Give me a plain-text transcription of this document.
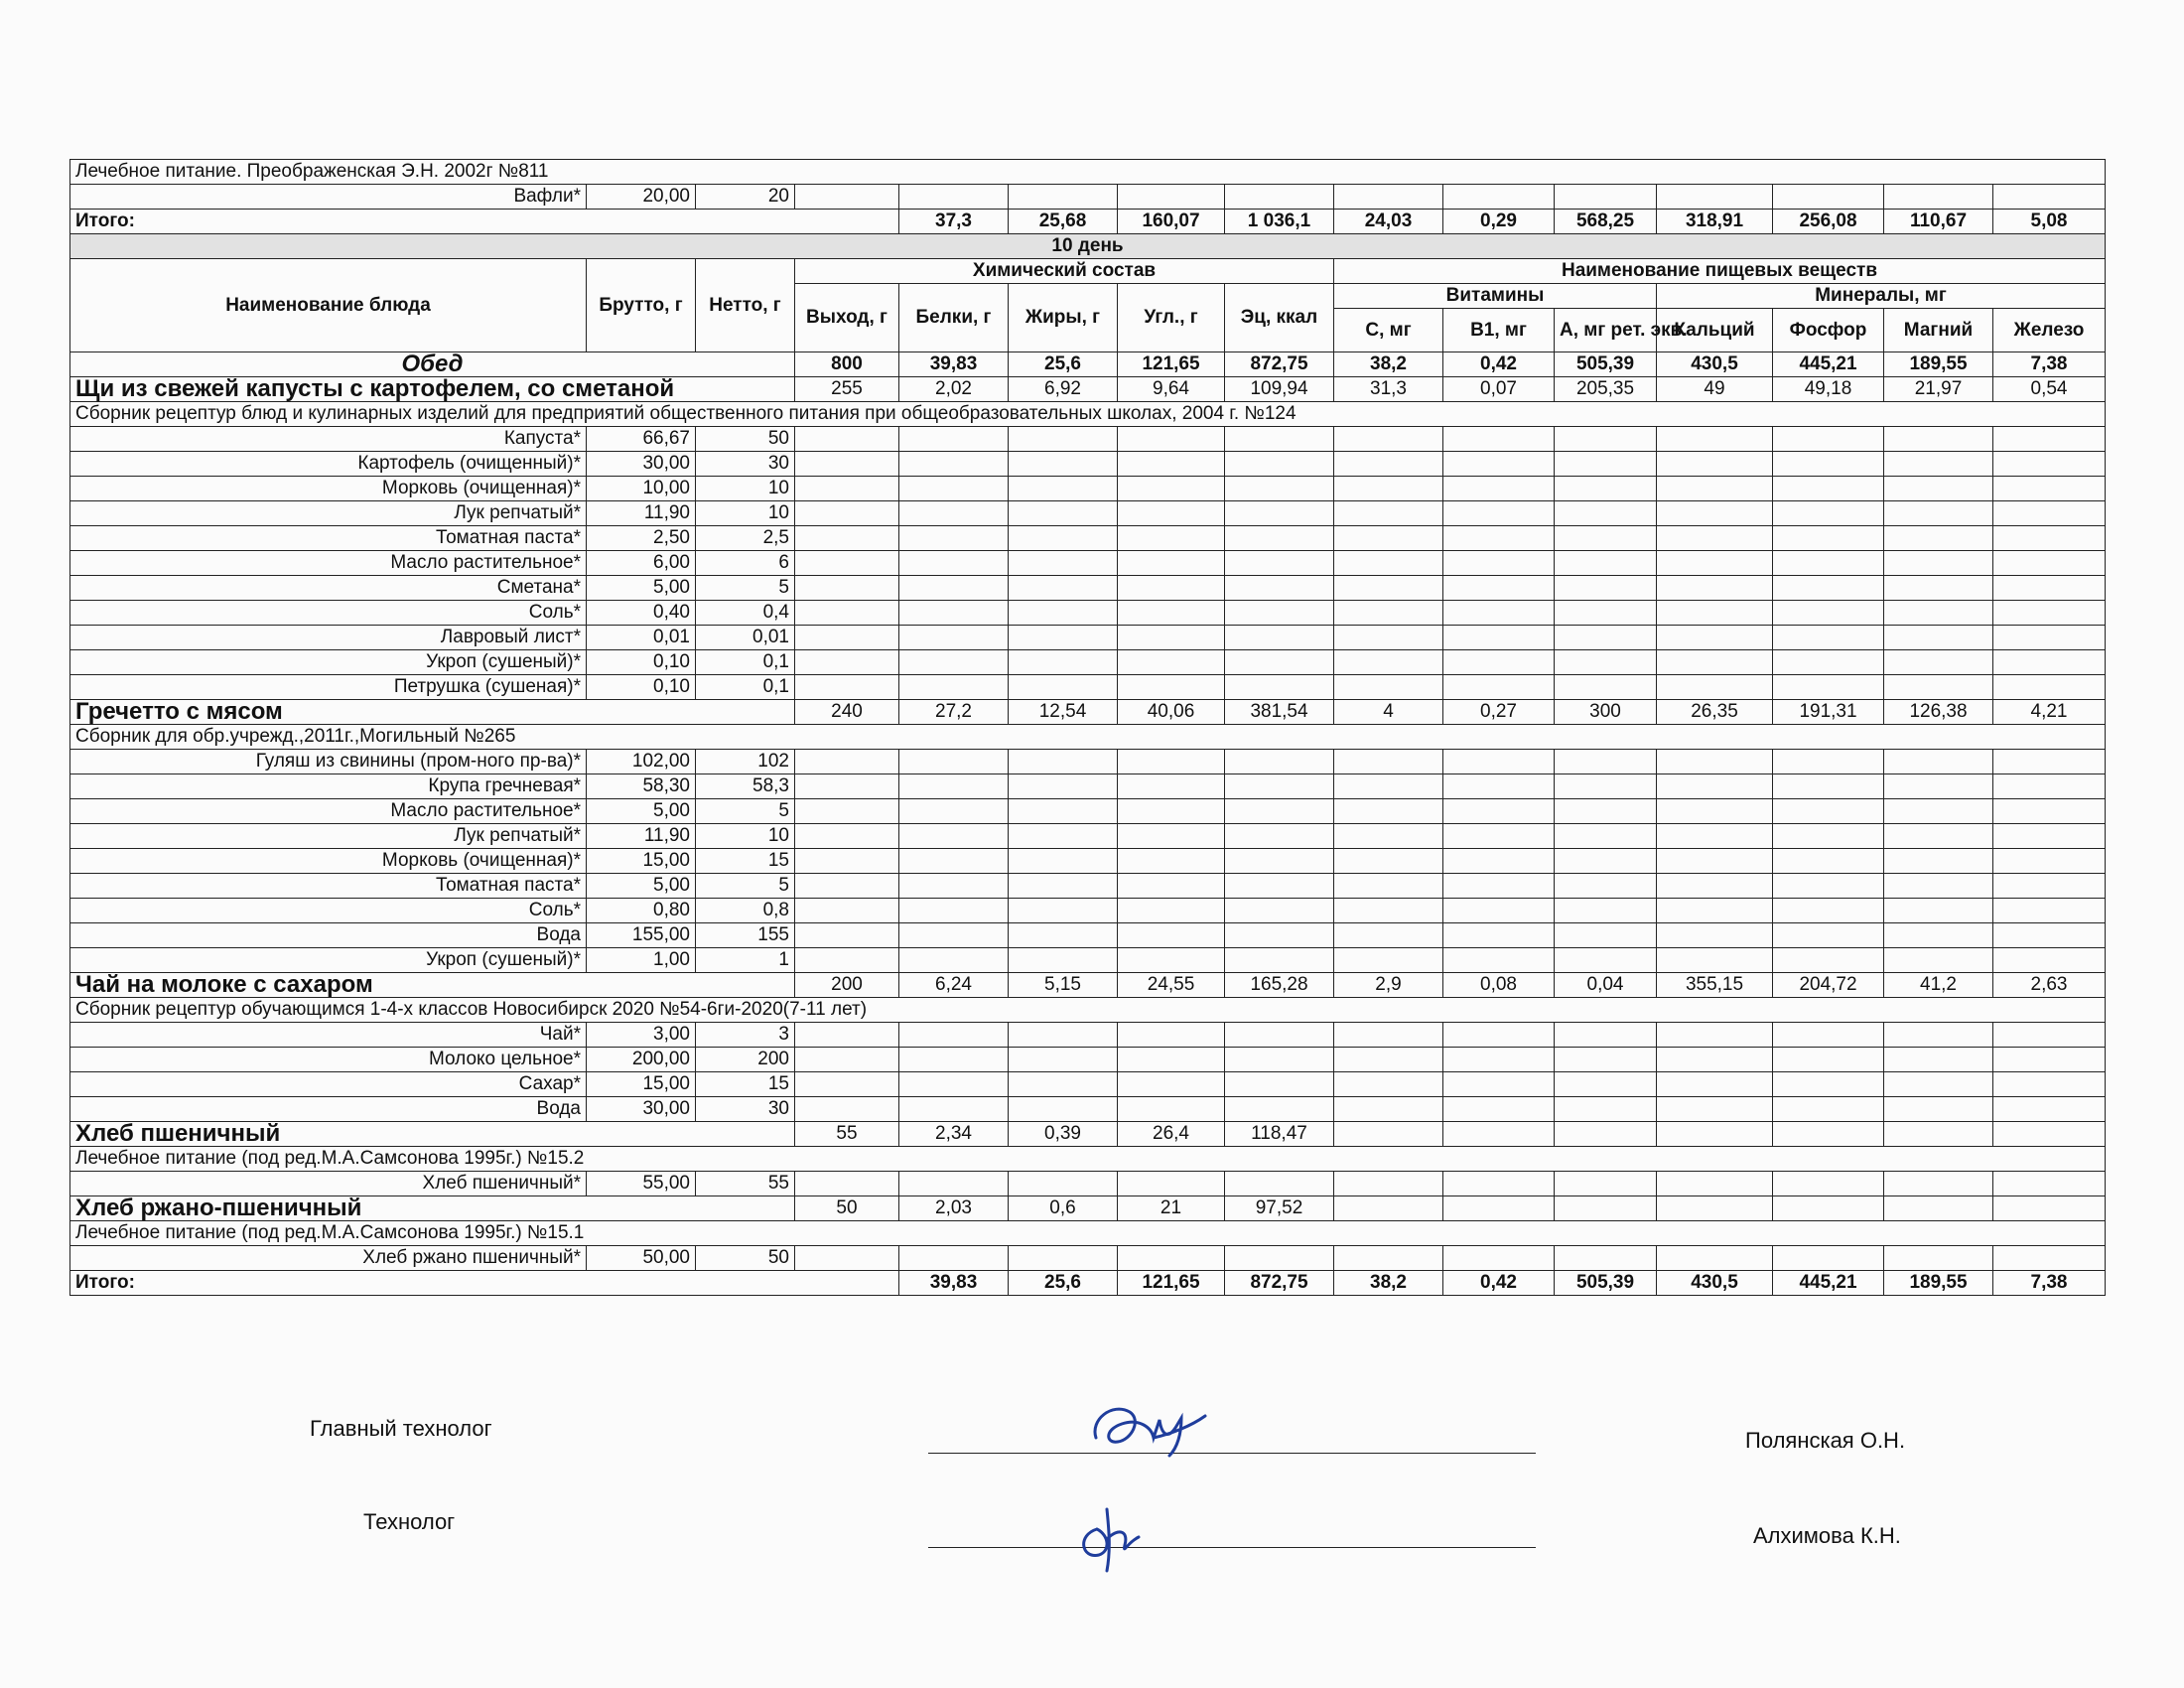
Лечебное питание. Преображенская Э.Н. 2002г №811														
Вафли*	20,00	20												
Итого:				37,3	25,68	160,07	1 036,1	24,03	0,29	568,25	318,91	256,08	110,67	5,08
10 день														
Наименование блюда	Брутто, г	Нетто, г	Химический состав					Наименование пищевых веществ						
			Выход, г	Белки, г	Жиры, г	Угл., г	Эц, ккал	Витамины			Минералы, мг			
								С, мг	В1, мг	А, мг рет. экв.	Кальций	Фосфор	Магний	Железо
Обед			800	39,83	25,6	121,65	872,75	38,2	0,42	505,39	430,5	445,21	189,55	7,38
Щи из свежей капусты с картофелем, со сметаной			255	2,02	6,92	9,64	109,94	31,3	0,07	205,35	49	49,18	21,97	0,54
Сборник рецептур блюд и кулинарных изделий для предприятий общественного питания при общеобразовательных школах, 2004 г. №124														
Капуста*	66,67	50												
Картофель (очищенный)*	30,00	30												
Морковь (очищенная)*	10,00	10												
Лук репчатый*	11,90	10												
Томатная паста*	2,50	2,5												
Масло растительное*	6,00	6												
Сметана*	5,00	5												
Соль*	0,40	0,4												
Лавровый лист*	0,01	0,01												
Укроп (сушеный)*	0,10	0,1												
Петрушка (сушеная)*	0,10	0,1												
Гречетто с мясом			240	27,2	12,54	40,06	381,54	4	0,27	300	26,35	191,31	126,38	4,21
Сборник для обр.учрежд.,2011г.,Могильный №265														
Гуляш из свинины (пром-ного пр-ва)*	102,00	102												
Крупа гречневая*	58,30	58,3												
Масло растительное*	5,00	5												
Лук репчатый*	11,90	10												
Морковь (очищенная)*	15,00	15												
Томатная паста*	5,00	5												
Соль*	0,80	0,8												
Вода	155,00	155												
Укроп (сушеный)*	1,00	1												
Чай на молоке с сахаром			200	6,24	5,15	24,55	165,28	2,9	0,08	0,04	355,15	204,72	41,2	2,63
Сборник рецептур обучающимся 1-4-х классов Новосибирск 2020 №54-6ги-2020(7-11 лет)														
Чай*	3,00	3												
Молоко цельное*	200,00	200												
Сахар*	15,00	15												
Вода	30,00	30												
Хлеб пшеничный			55	2,34	0,39	26,4	118,47							
Лечебное питание (под ред.М.А.Самсонова 1995г.) №15.2														
Хлеб пшеничный*	55,00	55												
Хлеб ржано-пшеничный			50	2,03	0,6	21	97,52							
Лечебное питание (под ред.М.А.Самсонова 1995г.) №15.1														
Хлеб ржано пшеничный*	50,00	50												
Итого:				39,83	25,6	121,65	872,75	38,2	0,42	505,39	430,5	445,21	189,55	7,38
Главный технолог	Полянская О.Н.
Технолог
Алхимова К.Н.
